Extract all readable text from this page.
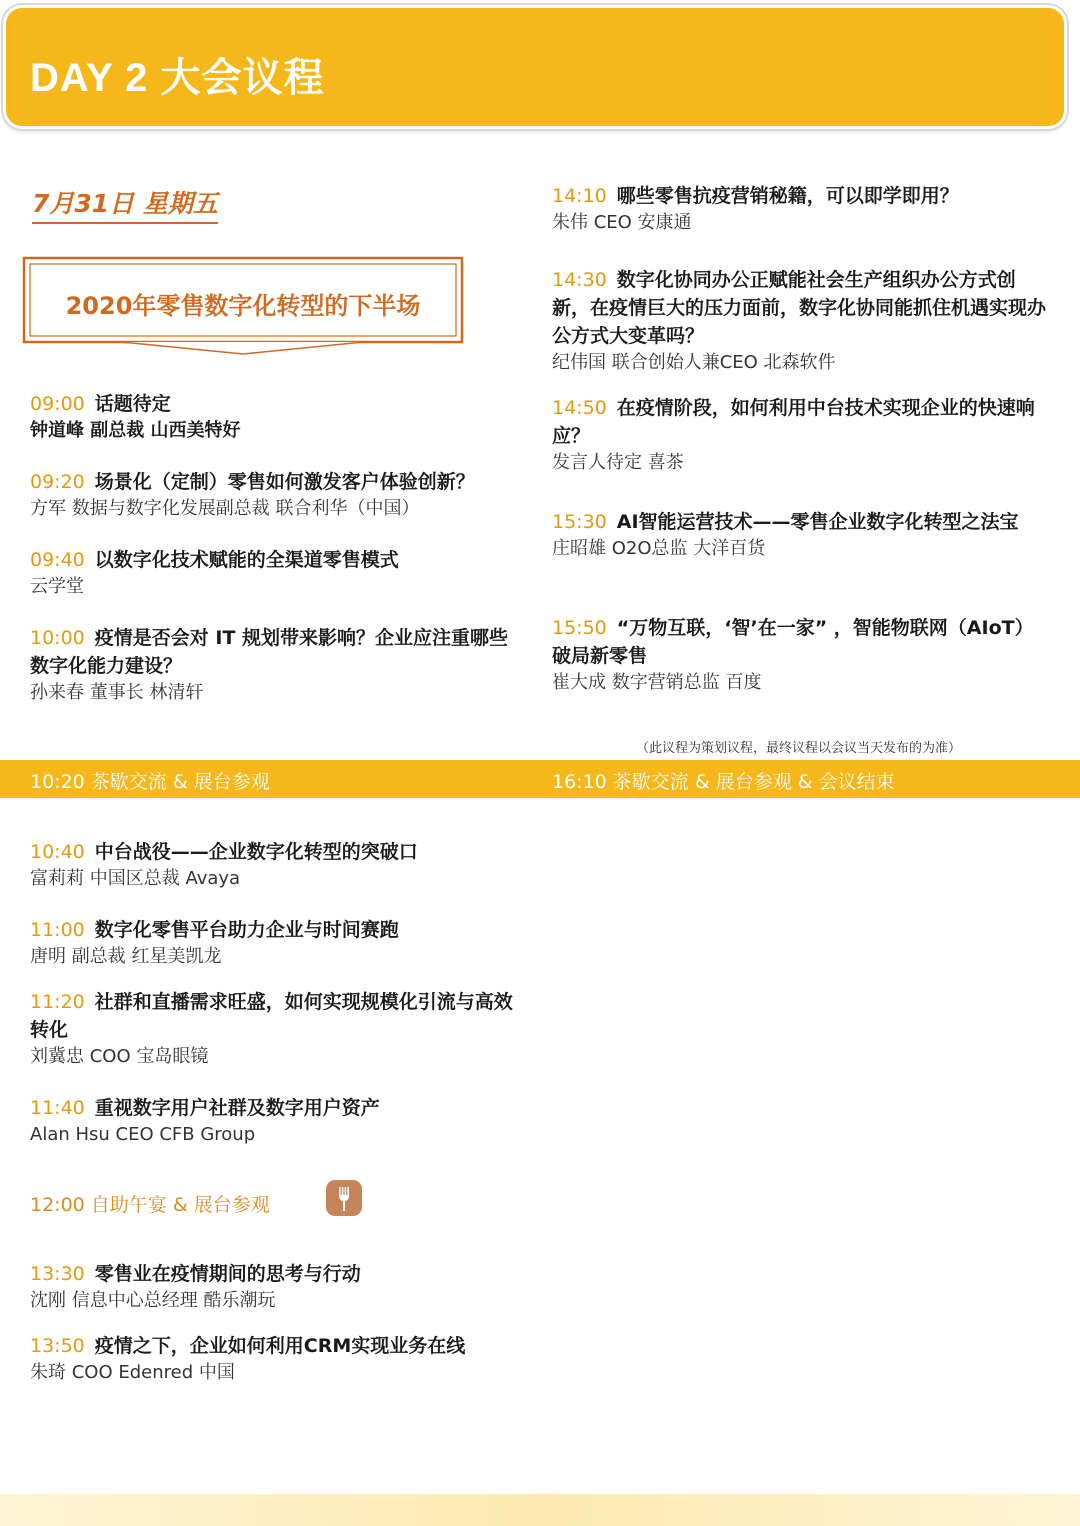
DAY 2 大会议程
7月31日 星期五
2020年零售数字化转型的下半场
09:00 话题待定
钟道峰 副总裁 山西美特好
09:20 场景化（定制）零售如何激发客户体验创新？
方军 数据与数字化发展副总裁 联合利华（中国）
09:40 以数字化技术赋能的全渠道零售模式
云学堂
10:00 疫情是否会对 IT 规划带来影响？企业应注重哪些数字化能力建设？
孙来春 董事长 林清轩
14:10 哪些零售抗疫营销秘籍，可以即学即用？
朱伟 CEO 安康通
14:30 数字化协同办公正赋能社会生产组织办公方式创新，在疫情巨大的压力面前，数字化协同能抓住机遇实现办公方式大变革吗？
纪伟国 联合创始人兼CEO 北森软件
14:50 在疫情阶段，如何利用中台技术实现企业的快速响应？
发言人待定 喜茶
15:30 AI智能运营技术——零售企业数字化转型之法宝
庄昭雄 O2O总监 大洋百货
15:50 “万物互联，‘智’在一家” ，智能物联网（AIoT）破局新零售
崔大成 数字营销总监 百度
（此议程为策划议程，最终议程以会议当天发布的为准）
10:20 茶歇交流 & 展台参观	16:10 茶歇交流 & 展台参观 & 会议结束
10:40 中台战役——企业数字化转型的突破口
富莉莉 中国区总裁 Avaya
11:00 数字化零售平台助力企业与时间赛跑
唐明 副总裁 红星美凯龙
11:20 社群和直播需求旺盛，如何实现规模化引流与高效转化
刘冀忠 COO 宝岛眼镜
11:40 重视数字用户社群及数字用户资产
Alan Hsu CEO CFB Group
12:00 自助午宴 & 展台参观
13:30 零售业在疫情期间的思考与行动
沈刚 信息中心总经理 酷乐潮玩
13:50 疫情之下，企业如何利用CRM实现业务在线
朱琦 COO Edenred 中国
